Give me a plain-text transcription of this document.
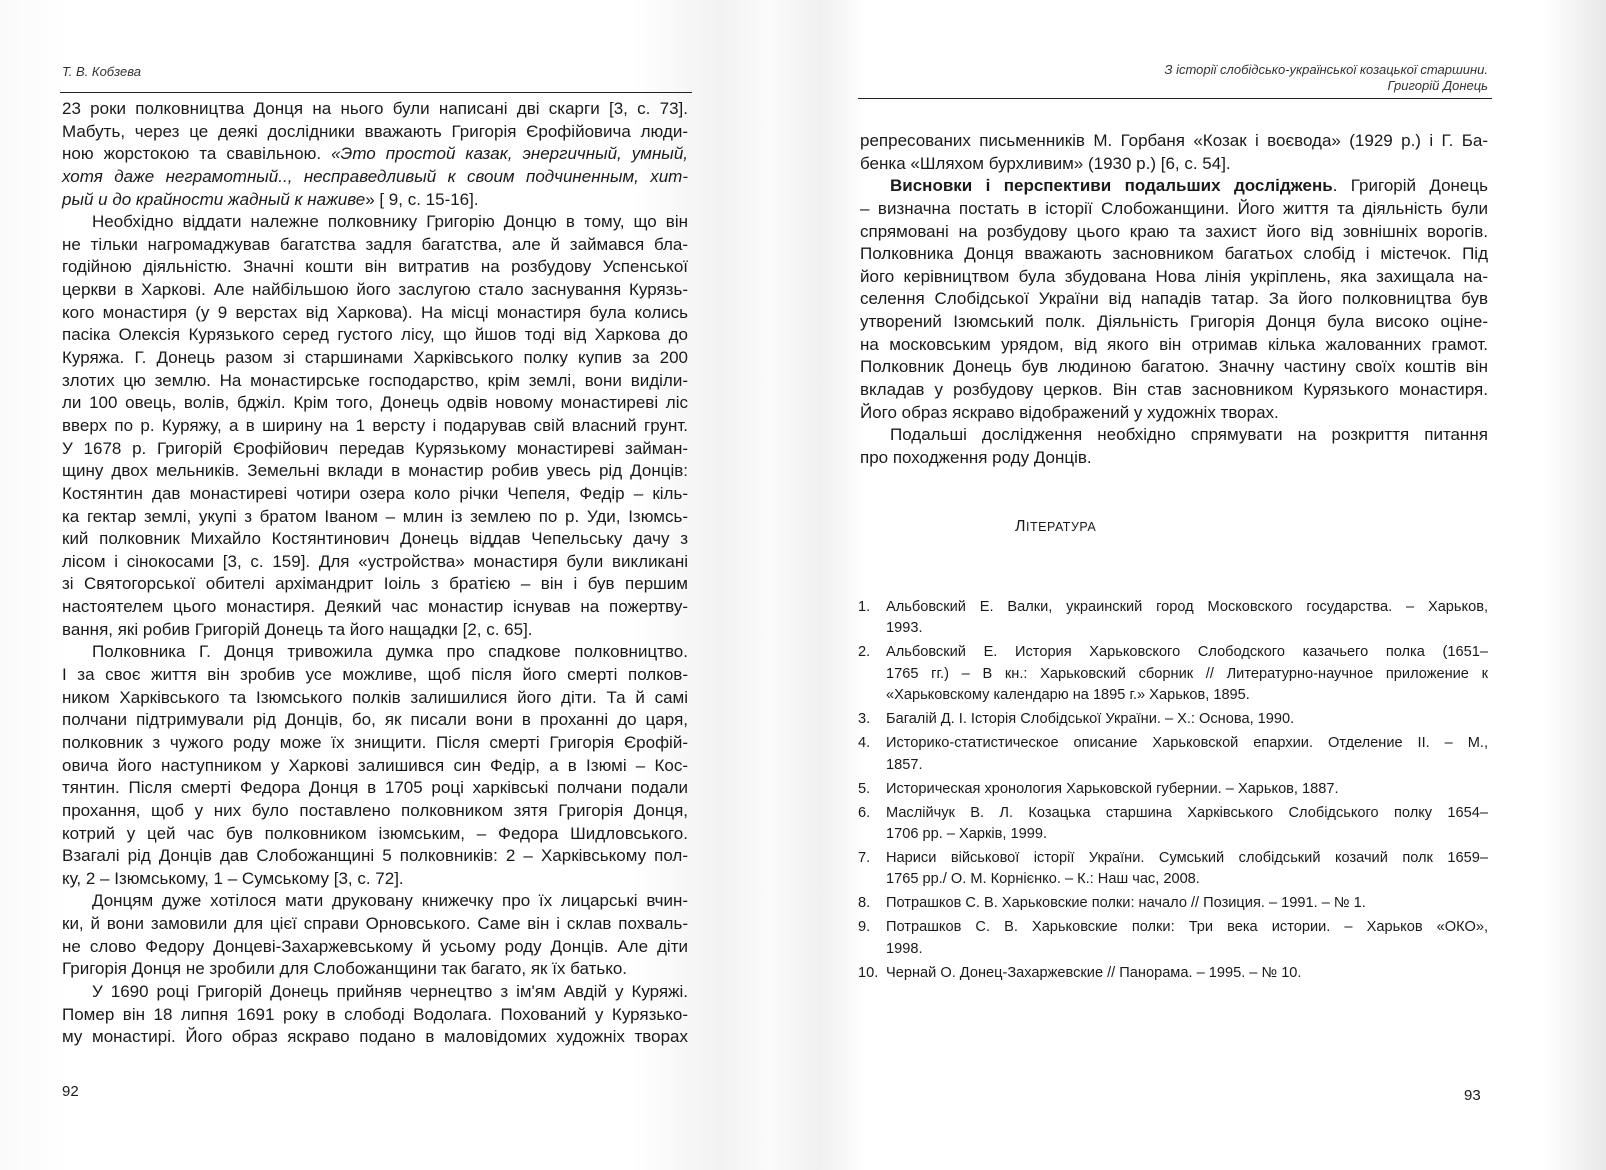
Т. В. Кобзева
23 роки полковництва Донця на нього були написані дві скарги [3, с. 73].
Мабуть, через це деякі дослідники вважають Григорія Єрофійовича люди-
ною жорстокою та свавільною. «Это простой казак, энергичный, умный,
хотя даже неграмотный.., несправедливый к своим подчиненным, хит-
рый и до крайности жадный к наживе» [ 9, с. 15-16].
Необхідно віддати належне полковнику Григорію Донцю в тому, що він
не тільки нагромаджував багатства задля багатства, але й займався бла-
годійною діяльністю. Значні кошти він витратив на розбудову Успенської
церкви в Харкові. Але найбільшою його заслугою стало заснування Курязь-
кого монастиря (у 9 верстах від Харкова). На місці монастиря була колись
пасіка Олексія Курязького серед густого лісу, що йшов тоді від Харкова до
Куряжа. Г. Донець разом зі старшинами Харківського полку купив за 200
злотих цю землю. На монастирське господарство, крім землі, вони виділи-
ли 100 овець, волів, бджіл. Крім того, Донець одвів новому монастиреві ліс
вверх по р. Куряжу, а в ширину на 1 версту і подарував свій власний грунт.
У 1678 р. Григорій Єрофійович передав Курязькому монастиреві займан-
щину двох мельників. Земельні вклади в монастир робив увесь рід Донців:
Костянтин дав монастиреві чотири озера коло річки Чепеля, Федір – кіль-
ка гектар землі, укупі з братом Іваном – млин із землею по р. Уди, Ізюмсь-
кий полковник Михайло Костянтинович Донець віддав Чепельську дачу з
лісом і сінокосами [3, с. 159]. Для «устройства» монастиря були викликані
зі Святогорської обителі архімандрит Іоіль з братією – він і був першим
настоятелем цього монастиря. Деякий час монастир існував на пожертву-
вання, які робив Григорій Донець та його нащадки [2, с. 65].
Полковника Г. Донця тривожила думка про спадкове полковництво.
І за своє життя він зробив усе можливе, щоб після його смерті полков-
ником Харківського та Ізюмського полків залишилися його діти. Та й самі
полчани підтримували рід Донців, бо, як писали вони в проханні до царя,
полковник з чужого роду може їх знищити. Після смерті Григорія Єрофій-
овича його наступником у Харкові залишився син Федір, а в Ізюмі – Кос-
тянтин. Після смерті Федора Донця в 1705 році харківські полчани подали
прохання, щоб у них було поставлено полковником зятя Григорія Донця,
котрий у цей час був полковником ізюмським, – Федора Шидловського.
Взагалі рід Донців дав Слобожанщині 5 полковників: 2 – Харківському пол-
ку, 2 – Ізюмському, 1 – Сумському [3, с. 72].
Донцям дуже хотілося мати друковану книжечку про їх лицарські вчин-
ки, й вони замовили для цієї справи Орновського. Саме він і склав похваль-
не слово Федору Донцеві-Захаржевському й усьому роду Донців. Але діти
Григорія Донця не зробили для Слобожанщини так багато, як їх батько.
У 1690 році Григорій Донець прийняв чернецтво з ім'ям Авдій у Куряжі.
Помер він 18 липня 1691 року в слободі Водолага. Похований у Курязько-
му монастирі. Його образ яскраво подано в маловідомих художніх творах
92
З історії слобідсько-української козацької старшини.
Григорій Донець
репресованих письменників М. Горбаня «Козак і воєвода» (1929 р.) і Г. Ба-
бенка «Шляхом бурхливим» (1930 р.) [6, с. 54].
Висновки і перспективи подальших досліджень. Григорій Донець
– визначна постать в історії Слобожанщини. Його життя та діяльність були
спрямовані на розбудову цього краю та захист його від зовнішніх ворогів.
Полковника Донця вважають засновником багатьох слобід і містечок. Під
його керівництвом була збудована Нова лінія укріплень, яка захищала на-
селення Слобідської України від нападів татар. За його полковництва був
утворений Ізюмський полк. Діяльність Григорія Донця була високо оціне-
на московським урядом, від якого він отримав кілька жалованних грамот.
Полковник Донець був людиною багатою. Значну частину своїх коштів він
вкладав у розбудову церков. Він став засновником Курязького монастиря.
Його образ яскраво відображений у художніх творах.
Подальші дослідження необхідно спрямувати на розкриття питання
про походження роду Донців.
ЛІТЕРАТУРА
1.	Альбовский Е. Валки, украинский город Московского государства. – Харьков,
1993.
2.	Альбовский Е. История Харьковского Слободского казачьего полка (1651–
1765 гг.) – В кн.: Харьковский сборник // Литературно-научное приложение к
«Харьковскому календарю на 1895 г.» Харьков, 1895.
3.	Багалій Д. І. Історія Слобідської України. – Х.: Основа, 1990.
4.	Историко-статистическое описание Харьковской епархии. Отделение II. – М.,
1857.
5.	Историческая хронология Харьковской губернии. – Харьков, 1887.
6.	Маслійчук В. Л. Козацька старшина Харківського Слобідського полку 1654–
1706 рр. – Харків, 1999.
7.	Нариси військової історії України. Сумський слобідський козачий полк 1659–
1765 рр./ О. М. Корнієнко. – К.: Наш час, 2008.
8.	Потрашков С. В. Харьковские полки: начало // Позиция. – 1991. – № 1.
9.	Потрашков С. В. Харьковские полки: Три века истории. – Харьков «ОКО»,
1998.
10. Чернай О. Донец-Захаржевские // Панорама. – 1995. – № 10.
93
